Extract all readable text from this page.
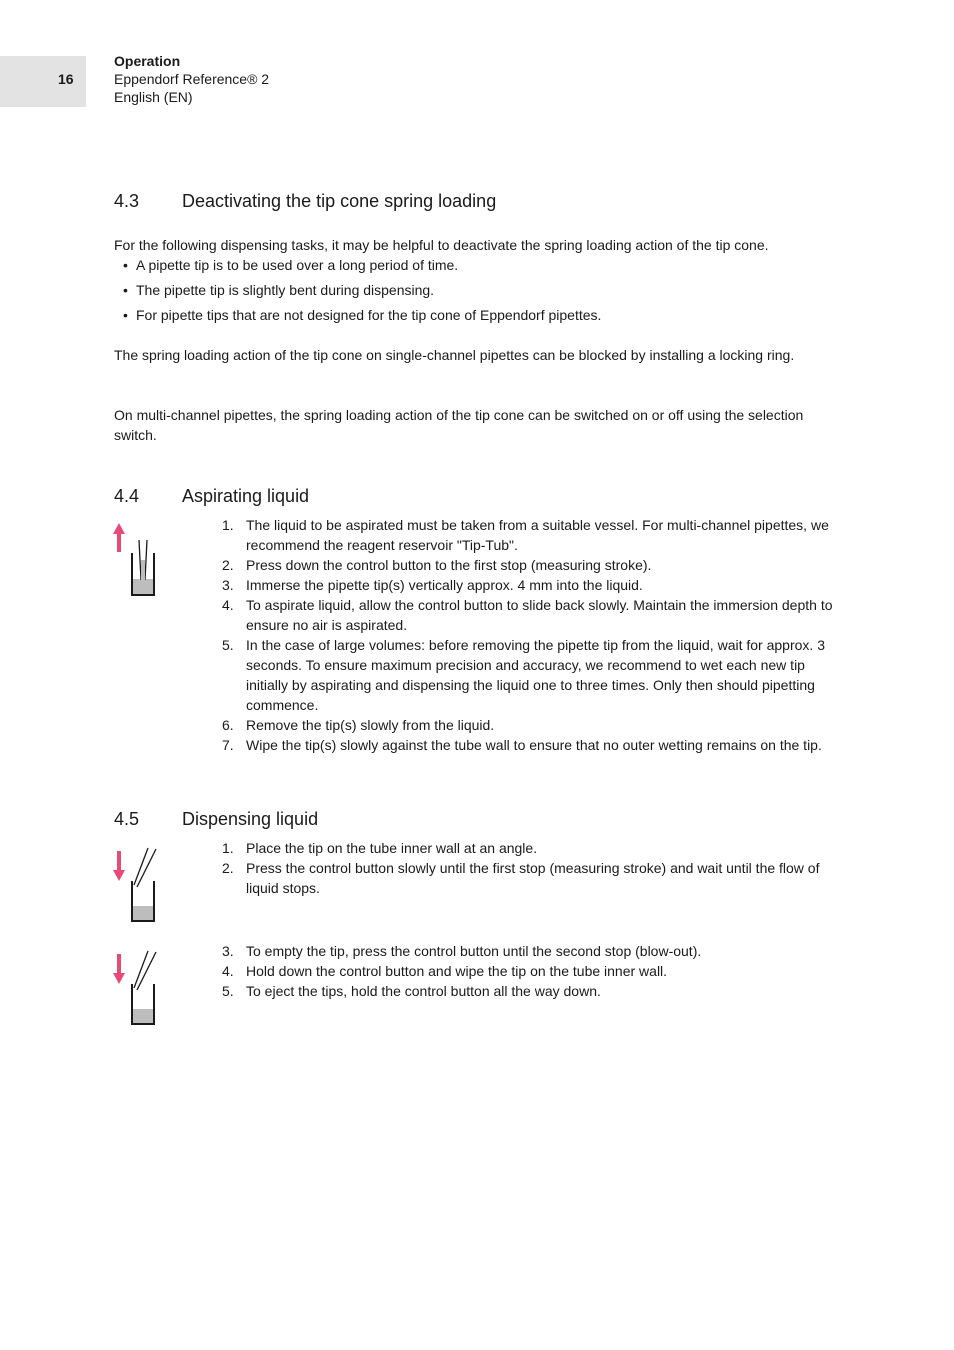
16
Operation
Eppendorf Reference® 2
English (EN)
4.3 Deactivating the tip cone spring loading

For the following dispensing tasks, it may be helpful to deactivate the spring loading action of the tip cone.

• A pipette tip is to be used over a long period of time.
• The pipette tip is slightly bent during dispensing.
• For pipette tips that are not designed for the tip cone of Eppendorf pipettes.

The spring loading action of the tip cone on single-channel pipettes can be blocked by installing a locking ring.

On multi-channel pipettes, the spring loading action of the tip cone can be switched on or off using the selection switch.

4.4 Aspirating liquid
1. The liquid to be aspirated must be taken from a suitable vessel. For multi-channel pipettes, we recommend the reagent reservoir "Tip-Tub".
2. Press down the control button to the first stop (measuring stroke).
3. Immerse the pipette tip(s) vertically approx. 4 mm into the liquid.
4. To aspirate liquid, allow the control button to slide back slowly. Maintain the immersion depth to ensure no air is aspirated.
5. In the case of large volumes: before removing the pipette tip from the liquid, wait for approx. 3 seconds. To ensure maximum precision and accuracy, we recommend to wet each new tip initially by aspirating and dispensing the liquid one to three times. Only then should pipetting commence.
6. Remove the tip(s) slowly from the liquid.
7. Wipe the tip(s) slowly against the tube wall to ensure that no outer wetting remains on the tip.
4.5 Dispensing liquid
1. Place the tip on the tube inner wall at an angle.
2. Press the control button slowly until the first stop (measuring stroke) and wait until the flow of liquid stops.
3. To empty the tip, press the control button until the second stop (blow-out).
4. Hold down the control button and wipe the tip on the tube inner wall.
5. To eject the tips, hold the control button all the way down.
